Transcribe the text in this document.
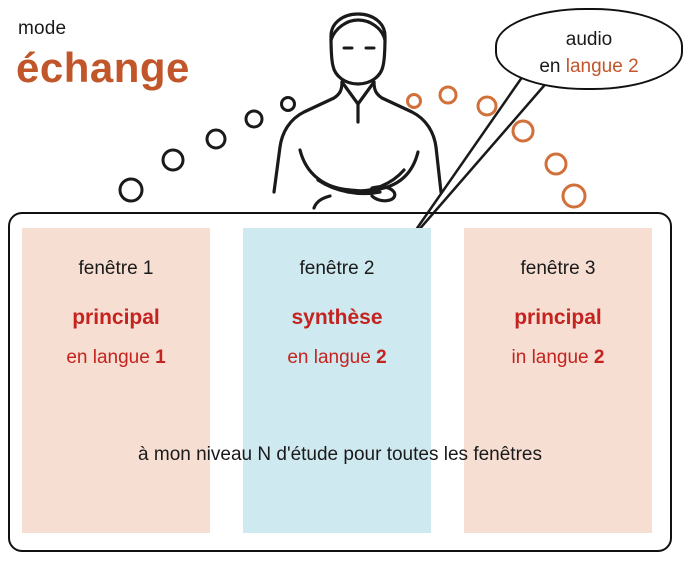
mode
échange
audio
en langue 2
fenêtre 1
principal
en langue 1
fenêtre 2
synthèse
en langue 2
fenêtre 3
principal
in langue 2
à mon niveau N d'étude pour toutes les fenêtres
